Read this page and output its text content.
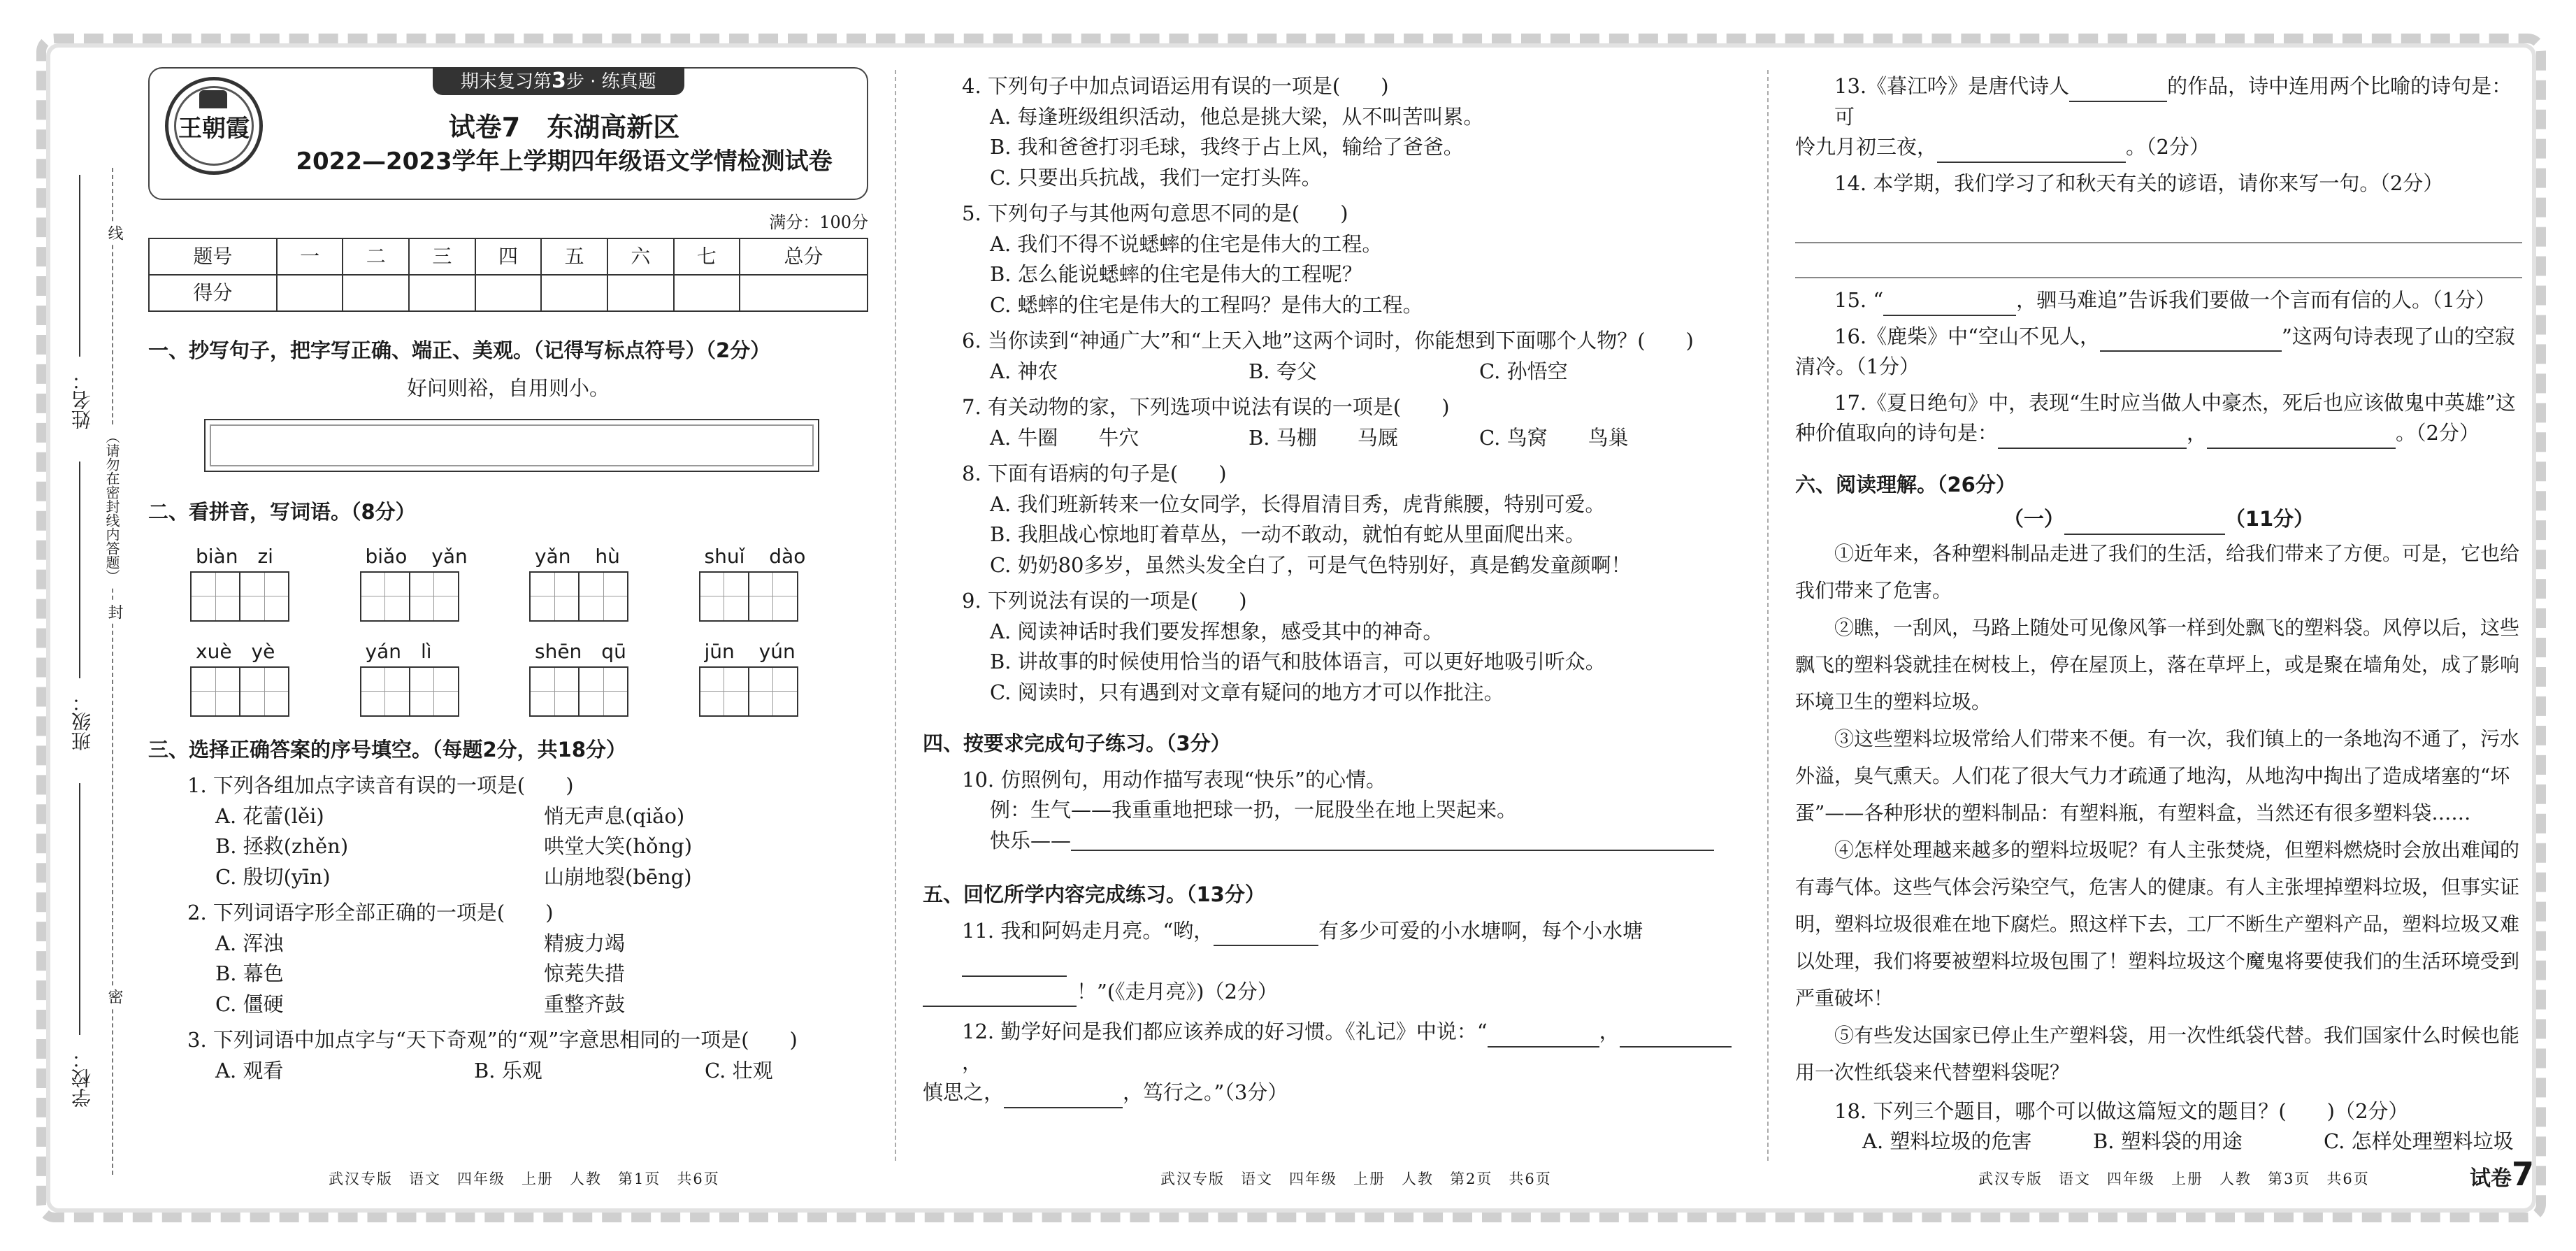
线
姓名：
（请勿在密封线内答题）
封
班级：
密
学校：
王朝霞
期末复习第3步 · 练真题
试卷7　东湖高新区
2022—2023学年上学期四年级语文学情检测试卷
满分：100分
题号	一	二	三	四	五	六	七	总分
得分								
一、抄写句子，把字写正确、端正、美观。（记得写标点符号）（2分）
好问则裕，自用则小。
二、看拼音，写词语。（8分）
biàn　zi	biǎo yǎn	yǎn hù	shuǐ dào
xuè　yè	yán　lì	shēn　qū	jūn yún
三、选择正确答案的序号填空。（每题2分，共18分）
1. 下列各组加点字读音有误的一项是(　　)
A. 花蕾(lěi)	悄无声息(qiǎo)
B. 拯救(zhěn)	哄堂大笑(hǒng)
C. 殷切(yīn)	山崩地裂(bēng)
2. 下列词语字形全部正确的一项是(　　)
A. 浑浊	精疲力竭
B. 幕色	惊茺失措
C. 僵硬	重整齐鼓
3. 下列词语中加点字与“天下奇观”的“观”字意思相同的一项是(　　)
A. 观看	B. 乐观	C. 壮观
武汉专版　语文　四年级　上册　人教　第1页　共6页
4. 下列句子中加点词语运用有误的一项是(　　)
A. 每逢班级组织活动，他总是挑大梁，从不叫苦叫累。
B. 我和爸爸打羽毛球，我终于占上风，输给了爸爸。
C. 只要出兵抗战，我们一定打头阵。
5. 下列句子与其他两句意思不同的是(　　)
A. 我们不得不说蟋蟀的住宅是伟大的工程。
B. 怎么能说蟋蟀的住宅是伟大的工程呢？
C. 蟋蟀的住宅是伟大的工程吗？是伟大的工程。
6. 当你读到“神通广大”和“上天入地”这两个词时，你能想到下面哪个人物？(　　)
A. 神农	B. 夸父	C. 孙悟空
7. 有关动物的家，下列选项中说法有误的一项是(　　)
A. 牛圈　　牛穴	B. 马棚　　马厩	C. 鸟窝　　鸟巢
8. 下面有语病的句子是(　　)
A. 我们班新转来一位女同学，长得眉清目秀，虎背熊腰，特别可爱。
B. 我胆战心惊地盯着草丛，一动不敢动，就怕有蛇从里面爬出来。
C. 奶奶80多岁，虽然头发全白了，可是气色特别好，真是鹤发童颜啊！
9. 下列说法有误的一项是(　　)
A. 阅读神话时我们要发挥想象，感受其中的神奇。
B. 讲故事的时候使用恰当的语气和肢体语言，可以更好地吸引听众。
C. 阅读时，只有遇到对文章有疑问的地方才可以作批注。
四、按要求完成句子练习。（3分）
10. 仿照例句，用动作描写表现“快乐”的心情。
例：生气——我重重地把球一扔，一屁股坐在地上哭起来。
快乐——
五、回忆所学内容完成练习。（13分）
11. 我和阿妈走月亮。“哟，	有多少可爱的小水塘啊，每个小水塘
！”(《走月亮》)（2分）
12. 勤学好问是我们都应该养成的好习惯。《礼记》中说：“	，，
慎思之，	，笃行之。”（3分）
武汉专版　语文　四年级　上册　人教　第2页　共6页
13.《暮江吟》是唐代诗人	的作品，诗中连用两个比喻的诗句是：可
怜九月初三夜，	。（2分）
14. 本学期，我们学习了和秋天有关的谚语，请你来写一句。（2分）
15. “	，驷马难追”告诉我们要做一个言而有信的人。（1分）
16.《鹿柴》中“空山不见人，	”这两句诗表现了山的空寂
清冷。（1分）
17.《夏日绝句》中，表现“生时应当做人中豪杰，死后也应该做鬼中英雄”这
种价值取向的诗句是：	，	。（2分）
六、阅读理解。（26分）
（一）	（11分）
①近年来，各种塑料制品走进了我们的生活，给我们带来了方便。可是，它也给我们带来了危害。
②瞧，一刮风，马路上随处可见像风筝一样到处飘飞的塑料袋。风停以后，这些飘飞的塑料袋就挂在树枝上，停在屋顶上，落在草坪上，或是聚在墙角处，成了影响环境卫生的塑料垃圾。
③这些塑料垃圾常给人们带来不便。有一次，我们镇上的一条地沟不通了，污水外溢，臭气熏天。人们花了很大气力才疏通了地沟，从地沟中掏出了造成堵塞的“坏蛋”——各种形状的塑料制品：有塑料瓶，有塑料盒，当然还有很多塑料袋……
④怎样处理越来越多的塑料垃圾呢？有人主张焚烧，但塑料燃烧时会放出难闻的有毒气体。这些气体会污染空气，危害人的健康。有人主张埋掉塑料垃圾，但事实证明，塑料垃圾很难在地下腐烂。照这样下去，工厂不断生产塑料产品，塑料垃圾又难以处理，我们将要被塑料垃圾包围了！塑料垃圾这个魔鬼将要使我们的生活环境受到严重破坏！
⑤有些发达国家已停止生产塑料袋，用一次性纸袋代替。我们国家什么时候也能用一次性纸袋来代替塑料袋呢？
18. 下列三个题目，哪个可以做这篇短文的题目？(　　)（2分）
A. 塑料垃圾的危害	B. 塑料袋的用途	C. 怎样处理塑料垃圾
武汉专版　语文　四年级　上册　人教　第3页　共6页	试卷7
